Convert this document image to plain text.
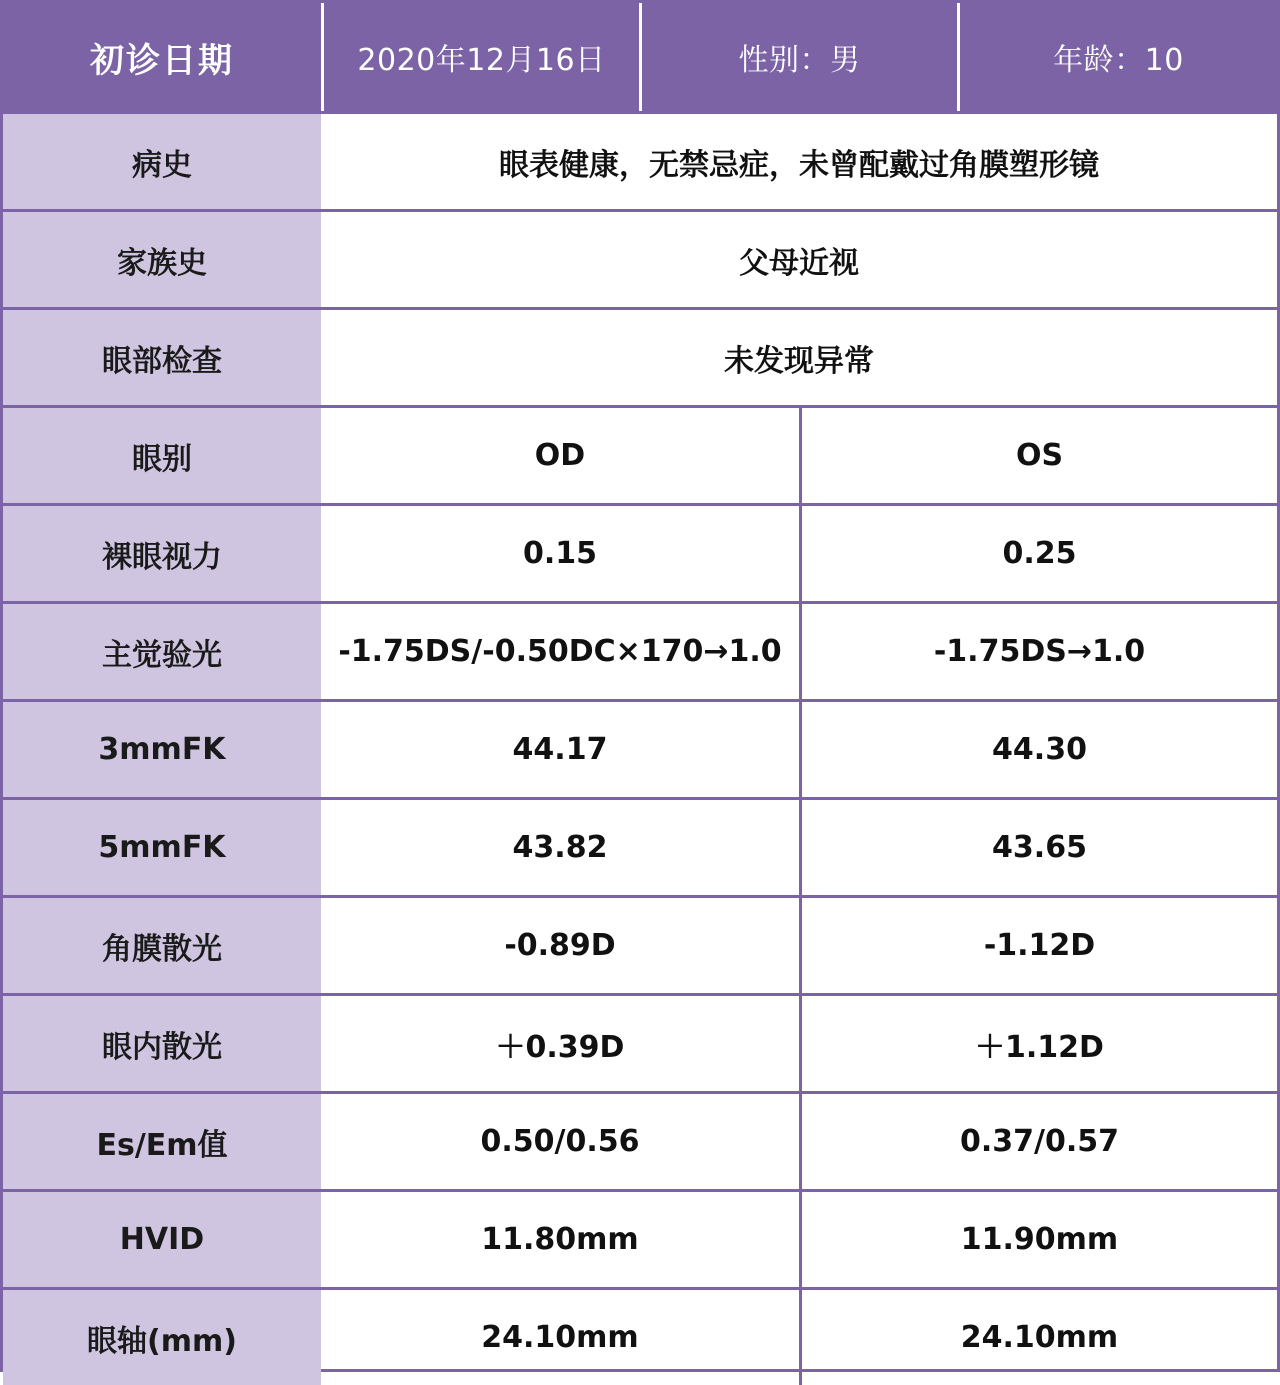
初诊日期	2020年12月16日	性别：男	年龄：10
病史	眼表健康，无禁忌症，未曾配戴过角膜塑形镜
家族史	父母近视
眼部检查	未发现异常
眼别	OD	OS
裸眼视力	0.15	0.25
主觉验光	-1.75DS/-0.50DC×170→1.0	-1.75DS→1.0
3mmFK	44.17	44.30
5mmFK	43.82	43.65
角膜散光	-0.89D	-1.12D
眼内散光	＋0.39D	＋1.12D
Es/Em值	0.50/0.56	0.37/0.57
HVID	11.80mm	11.90mm
眼轴(mm)	24.10mm	24.10mm
